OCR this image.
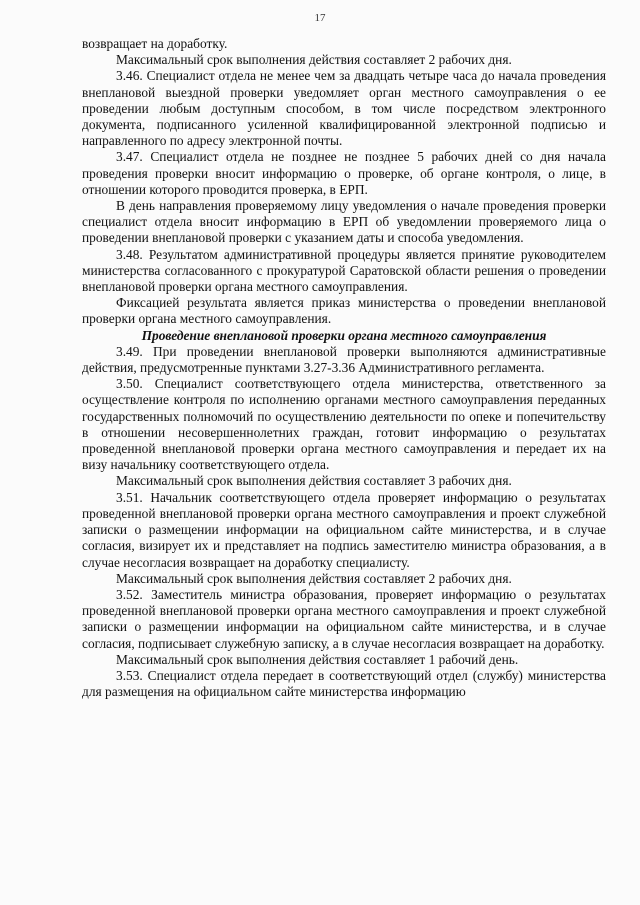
17

возвращает на доработку.

Максимальный срок выполнения действия составляет 2 рабочих дня.

3.46. Специалист отдела не менее чем за двадцать четыре часа до начала проведения внеплановой выездной проверки уведомляет орган местного самоуправления о ее проведении любым доступным способом, в том числе посредством электронного документа, подписанного усиленной квалифицированной электронной подписью и направленного по адресу электронной почты.

3.47. Специалист отдела не позднее не позднее 5 рабочих дней со дня начала проведения проверки вносит информацию о проверке, об органе контроля, о лице, в отношении которого проводится проверка, в ЕРП.

В день направления проверяемому лицу уведомления о начале проведения проверки специалист отдела вносит информацию в ЕРП об уведомлении проверяемого лица о проведении внеплановой проверки с указанием даты и способа уведомления.

3.48. Результатом административной процедуры является принятие руководителем министерства согласованного с прокуратурой Саратовской области решения о проведении внеплановой проверки органа местного самоуправления.

Фиксацией результата является приказ министерства о проведении внеплановой проверки органа местного самоуправления.

Проведение внеплановой проверки органа местного самоуправления

3.49. При проведении внеплановой проверки выполняются административные действия, предусмотренные пунктами 3.27-3.36 Административного регламента.

3.50. Специалист соответствующего отдела министерства, ответственного за осуществление контроля по исполнению органами местного самоуправления переданных государственных полномочий по осуществлению деятельности по опеке и попечительству в отношении несовершеннолетних граждан, готовит информацию о результатах проведенной внеплановой проверки органа местного самоуправления и передает их на визу начальнику соответствующего отдела.

Максимальный срок выполнения действия составляет 3 рабочих дня.

3.51. Начальник соответствующего отдела проверяет информацию о результатах проведенной внеплановой проверки органа местного самоуправления и проект служебной записки о размещении информации на официальном сайте министерства, и в случае согласия, визирует их и представляет на подпись заместителю министра образования, а в случае несогласия возвращает на доработку специалисту.

Максимальный срок выполнения действия составляет 2 рабочих дня.

3.52. Заместитель министра образования, проверяет информацию о результатах проведенной внеплановой проверки органа местного самоуправления и проект служебной записки о размещении информации на официальном сайте министерства, и в случае согласия, подписывает служебную записку, а в случае несогласия возвращает на доработку.

Максимальный срок выполнения действия составляет 1 рабочий день.

3.53. Специалист отдела передает в соответствующий отдел (службу) министерства для размещения на официальном сайте министерства информацию
